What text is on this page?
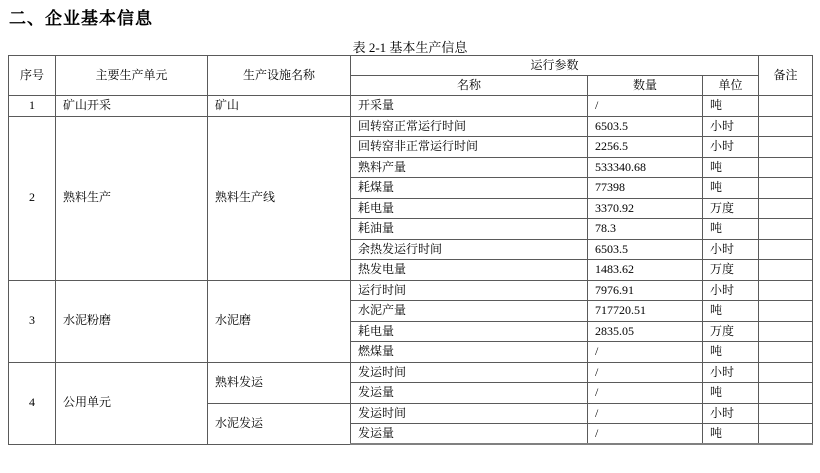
二、企业基本信息
表 2-1 基本生产信息
序号	主要生产单元	生产设施名称	运行参数			备注
			名称	数量	单位	
1	矿山开采	矿山	开采量	/	吨	
2	熟料生产	熟料生产线	回转窑正常运行时间	6503.5	小时	
			回转窑非正常运行时间	2256.5	小时	
			熟料产量	533340.68	吨	
			耗煤量	77398	吨	
			耗电量	3370.92	万度	
			耗油量	78.3	吨	
			余热发运行时间	6503.5	小时	
			热发电量	1483.62	万度	
3	水泥粉磨	水泥磨	运行时间	7976.91	小时	
			水泥产量	717720.51	吨	
			耗电量	2835.05	万度	
			燃煤量	/	吨	
4	公用单元	熟料发运	发运时间	/	小时	
			发运量	/	吨	
		水泥发运	发运时间	/	小时	
			发运量	/	吨	
